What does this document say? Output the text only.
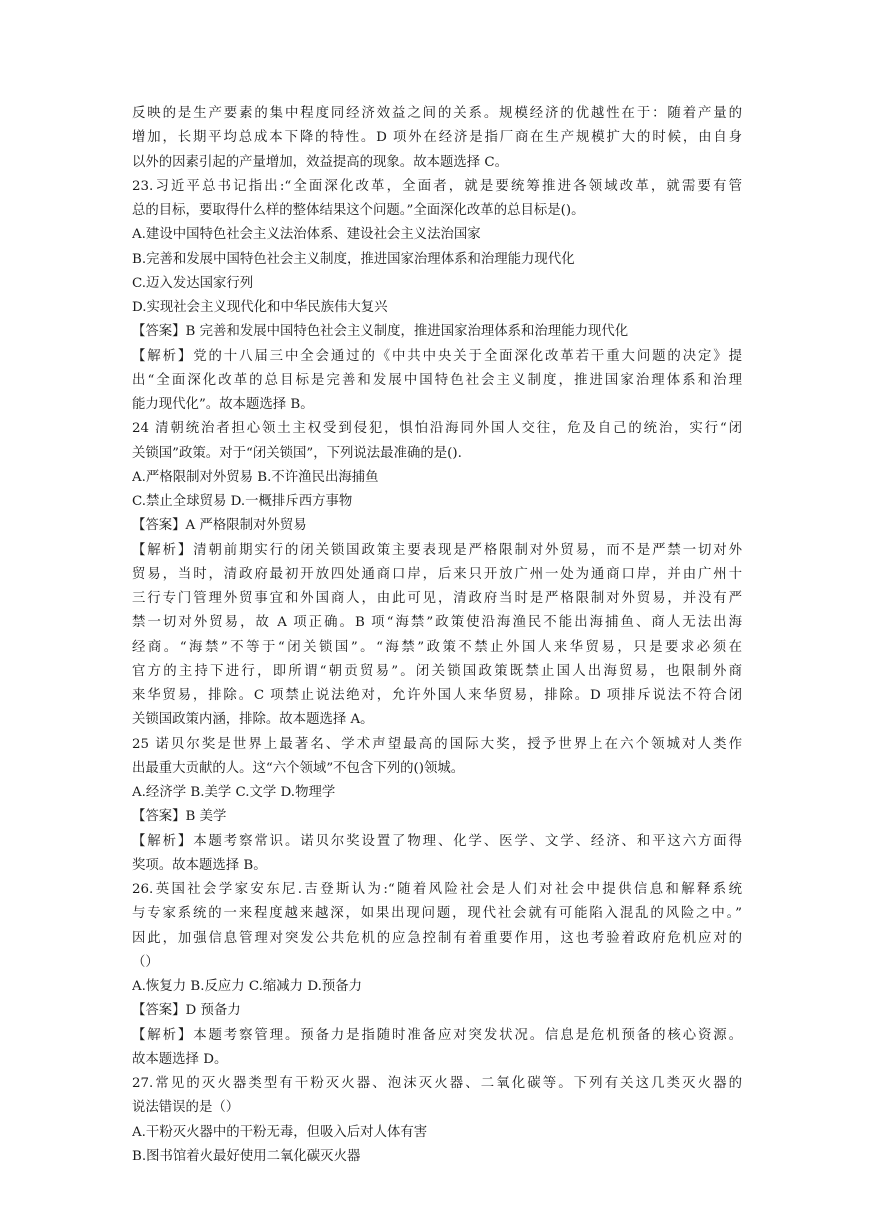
反映的是生产要素的集中程度同经济效益之间的关系。规模经济的优越性在于：随着产量的
增加，长期平均总成本下降的特性。D 项外在经济是指厂商在生产规模扩大的时候，由自身
以外的因素引起的产量增加，效益提高的现象。故本题选择 C。
23.习近平总书记指出:“全面深化改革，全面者，就是要统筹推进各领域改革，就需要有管
总的目标，要取得什么样的整体结果这个问题。”全面深化改革的总目标是()。
A.建设中国特色社会主义法治体系、建设社会主义法治国家
B.完善和发展中国特色社会主义制度，推进国家治理体系和治理能力现代化
C.迈入发达国家行列
D.实现社会主义现代化和中华民族伟大复兴
【答案】B 完善和发展中国特色社会主义制度，推进国家治理体系和治理能力现代化
【解析】党的十八届三中全会通过的《中共中央关于全面深化改革若干重大问题的决定》提
出“全面深化改革的总目标是完善和发展中国特色社会主义制度，推进国家治理体系和治理
能力现代化”。故本题选择 B。
24 清朝统治者担心领土主权受到侵犯，惧怕沿海同外国人交往，危及自己的统治，实行“闭
关锁国”政策。对于“闭关锁国”，下列说法最准确的是().
A.严格限制对外贸易 B.不许渔民出海捕鱼
C.禁止全球贸易 D.一概排斥西方事物
【答案】A 严格限制对外贸易
【解析】清朝前期实行的闭关锁国政策主要表现是严格限制对外贸易，而不是严禁一切对外
贸易，当时，清政府最初开放四处通商口岸，后来只开放广州一处为通商口岸，并由广州十
三行专门管理外贸事宜和外国商人，由此可见，清政府当时是严格限制对外贸易，并没有严
禁一切对外贸易，故 A 项正确。B 项“海禁”政策使沿海渔民不能出海捕鱼、商人无法出海
经商。“海禁”不等于“闭关锁国”。“海禁”政策不禁止外国人来华贸易，只是要求必须在
官方的主持下进行，即所谓“朝贡贸易”。闭关锁国政策既禁止国人出海贸易，也限制外商
来华贸易，排除。C 项禁止说法绝对，允许外国人来华贸易，排除。D 项排斥说法不符合闭
关锁国政策内涵，排除。故本题选择 A。
25 诺贝尔奖是世界上最著名、学术声望最高的国际大奖，授予世界上在六个领城对人类作
出最重大贡献的人。这“六个领域”不包含下列的()领城。
A.经济学 B.美学 C.文学 D.物理学
【答案】B 美学
【解析】本题考察常识。诺贝尔奖设置了物理、化学、医学、文学、经济、和平这六方面得
奖项。故本题选择 B。
26.英国社会学家安东尼.吉登斯认为:“随着风险社会是人们对社会中提供信息和解释系统
与专家系统的一来程度越来越深，如果出现问题，现代社会就有可能陷入混乱的风险之中。”
因此，加强信息管理对突发公共危机的应急控制有着重要作用，这也考验着政府危机应对的
（）
A.恢复力 B.反应力 C.缩减力 D.预备力
【答案】D 预备力
【解析】本题考察管理。预备力是指随时准备应对突发状况。信息是危机预备的核心资源。
故本题选择 D。
27.常见的灭火器类型有干粉灭火器、泡沫灭火器、二氧化碳等。下列有关这几类灭火器的
说法错误的是（）
A.干粉灭火器中的干粉无毒，但吸入后对人体有害
B.图书馆着火最好使用二氧化碳灭火器
